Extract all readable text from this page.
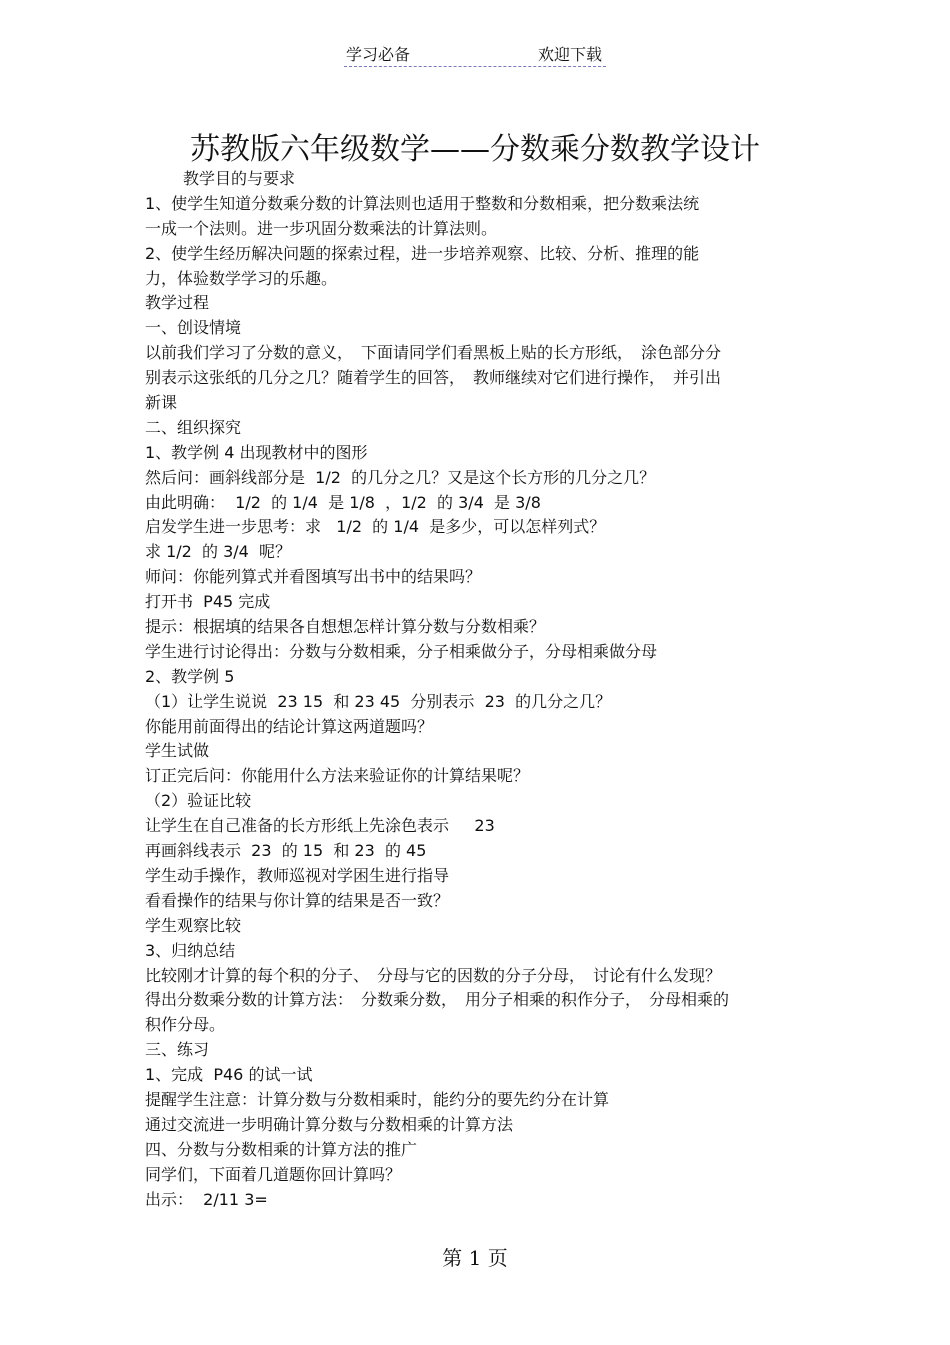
学习必备	欢迎下载
苏教版六年级数学——分数乘分数教学设计
教学目的与要求
1、使学生知道分数乘分数的计算法则也适用于整数和分数相乘，把分数乘法统
一成一个法则。进一步巩固分数乘法的计算法则。
2、使学生经历解决问题的探索过程，进一步培养观察、比较、分析、推理的能
力，体验数学学习的乐趣。
教学过程
一、创设情境
以前我们学习了分数的意义，　下面请同学们看黑板上贴的长方形纸，　涂色部分分
别表示这张纸的几分之几？随着学生的回答，　教师继续对它们进行操作，　并引出
新课
二、组织探究
1、教学例 4 出现教材中的图形
然后问：画斜线部分是  1/2  的几分之几？又是这个长方形的几分之几？
由此明确：  1/2  的 1/4  是 1/8  ，1/2  的 3/4  是 3/8
启发学生进一步思考：求   1/2  的 1/4  是多少，可以怎样列式？
求 1/2  的 3/4  呢？
师问：你能列算式并看图填写出书中的结果吗？
打开书  P45 完成
提示：根据填的结果各自想想怎样计算分数与分数相乘？
学生进行讨论得出：分数与分数相乘，分子相乘做分子，分母相乘做分母
2、教学例 5
（1）让学生说说  23 15  和 23 45  分别表示  23  的几分之几？
你能用前面得出的结论计算这两道题吗？
学生试做
订正完后问：你能用什么方法来验证你的计算结果呢？
（2）验证比较
让学生在自己准备的长方形纸上先涂色表示     23
再画斜线表示  23  的 15  和 23  的 45
学生动手操作，教师巡视对学困生进行指导
看看操作的结果与你计算的结果是否一致？
学生观察比较
3、归纳总结
比较刚才计算的每个积的分子、　分母与它的因数的分子分母，　讨论有什么发现？
得出分数乘分数的计算方法：　分数乘分数，　用分子相乘的积作分子，　分母相乘的
积作分母。
三、练习
1、完成  P46 的试一试
提醒学生注意：计算分数与分数相乘时，能约分的要先约分在计算
通过交流进一步明确计算分数与分数相乘的计算方法
四、分数与分数相乘的计算方法的推广
同学们，下面着几道题你回计算吗？
出示：  2/11 3=
第 1 页
